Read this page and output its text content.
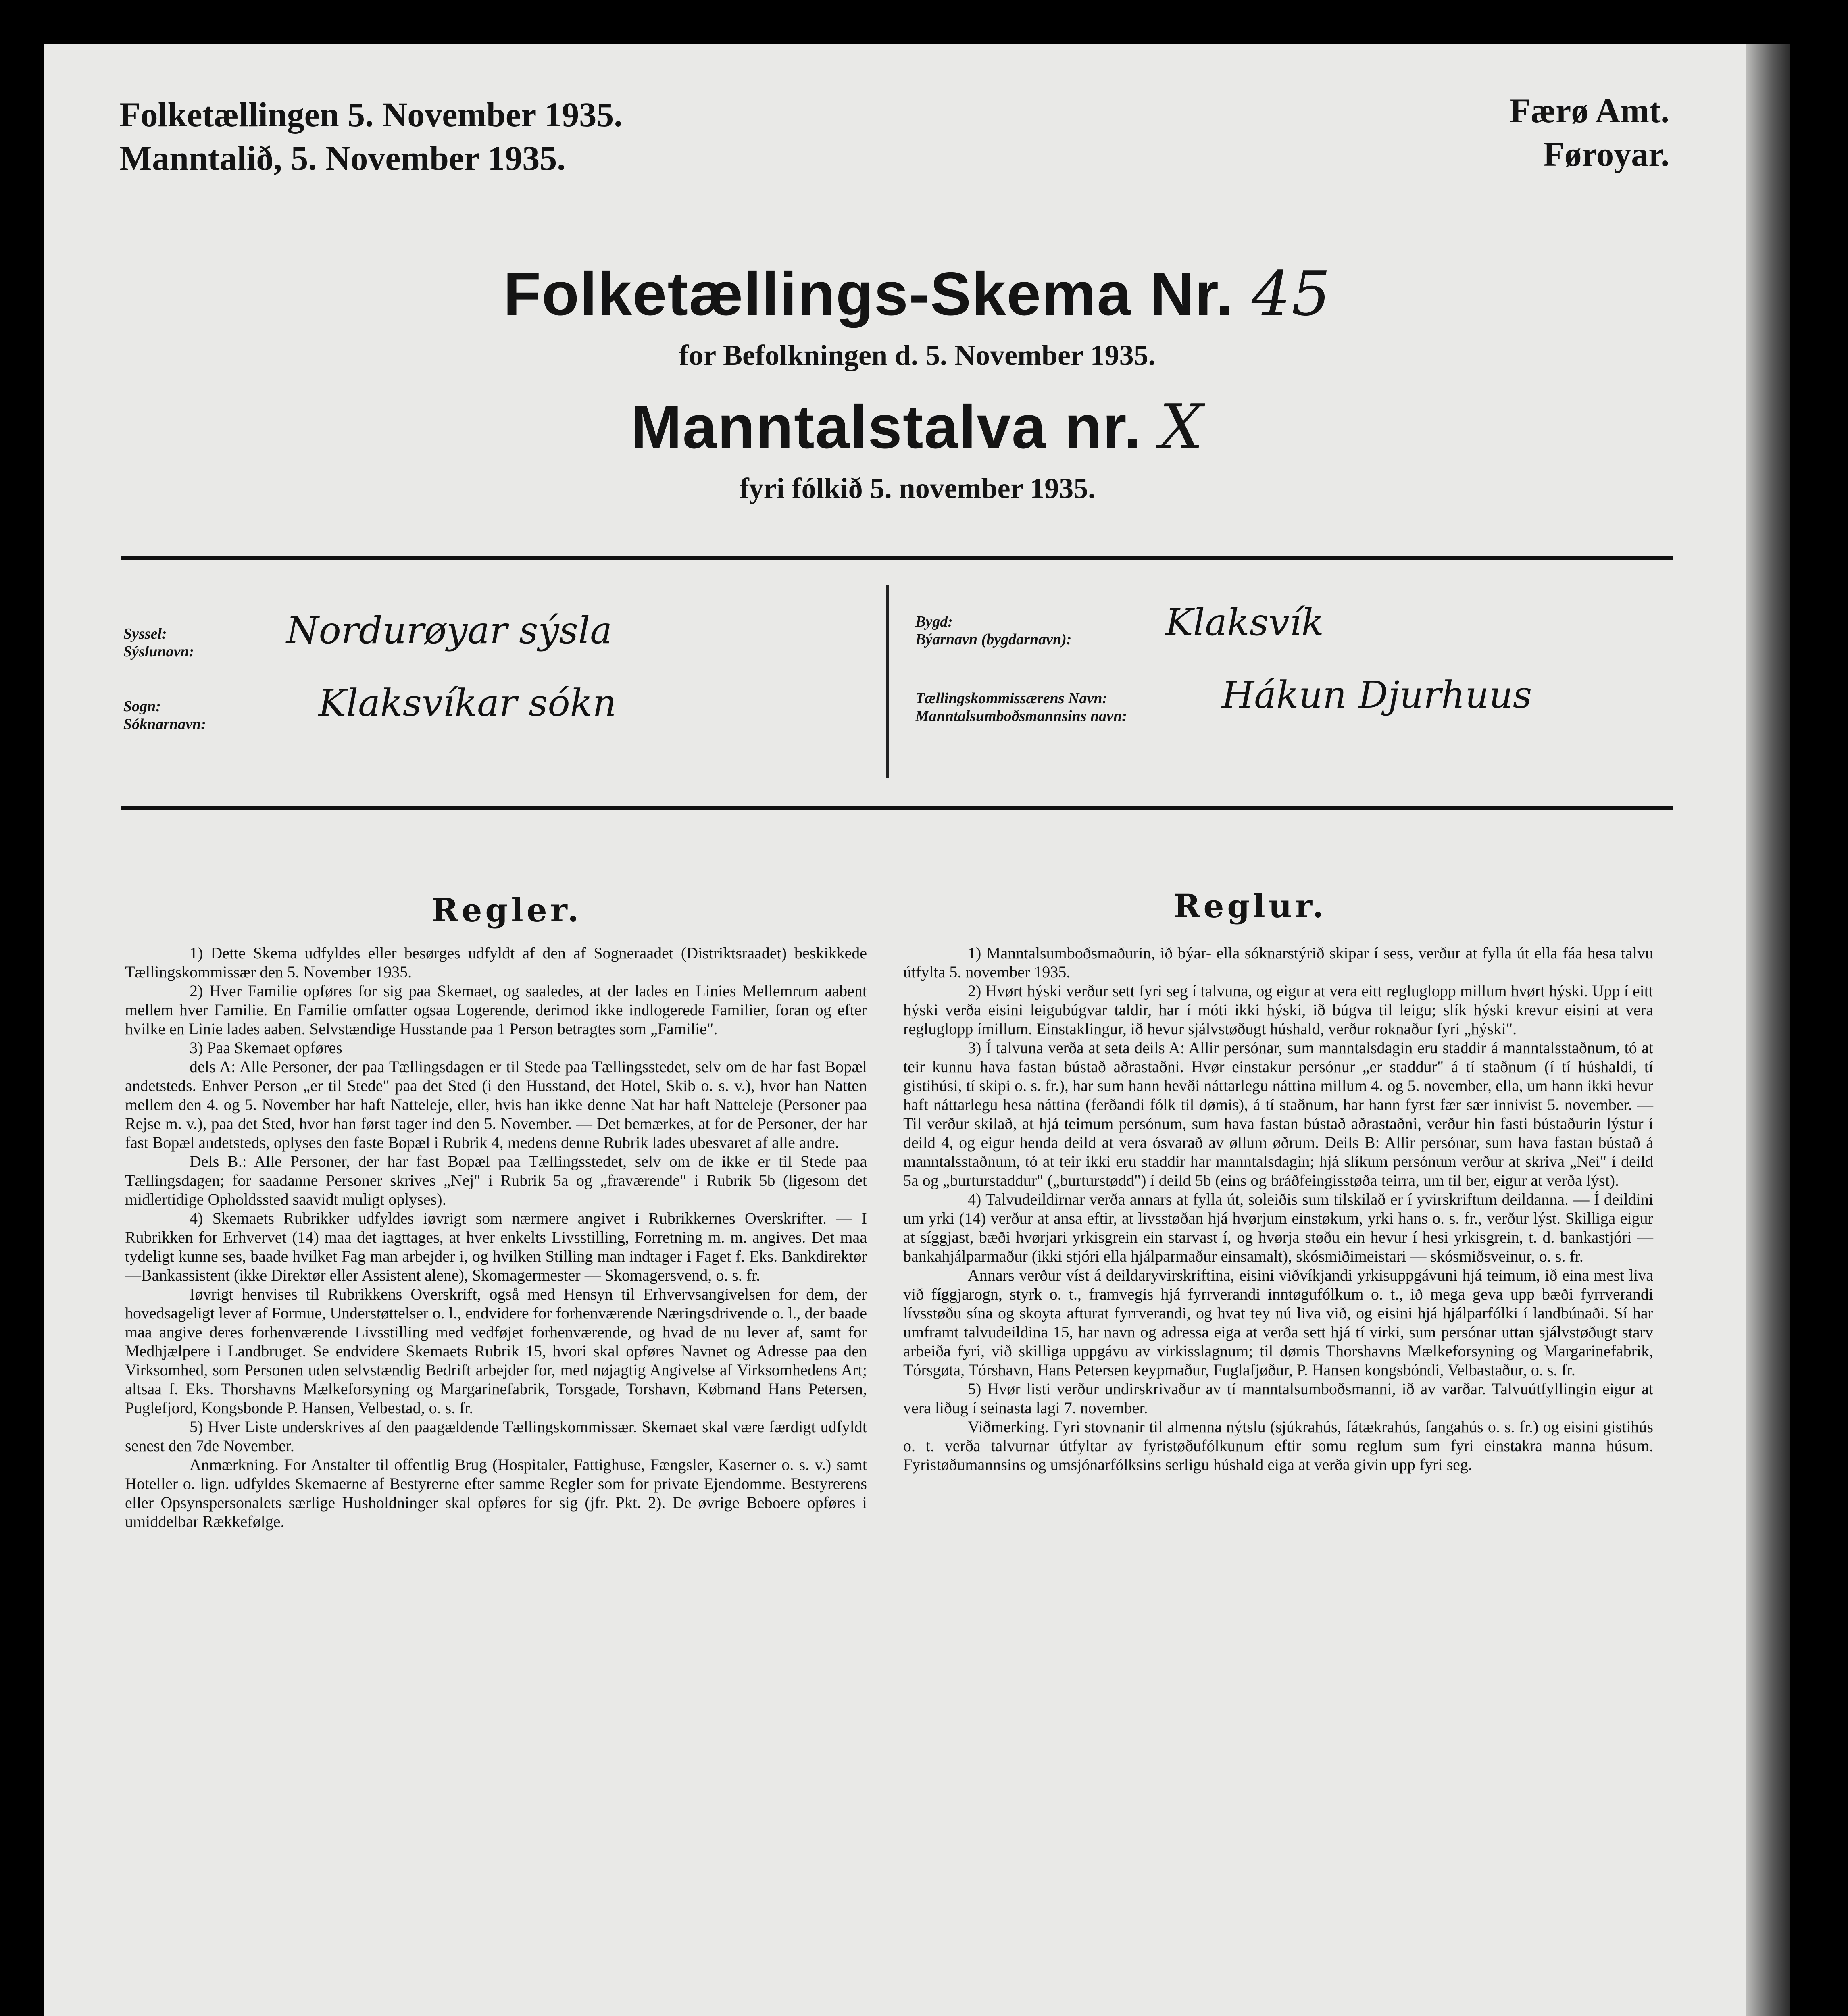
Folketællingen 5. November 1935.
Manntalið, 5. November 1935.
Færø Amt.
Føroyar.
Folketællings-Skema Nr. 45
for Befolkningen d. 5. November 1935.
Manntalstalva nr. X
fyri fólkið 5. november 1935.
Syssel:
Sýslunavn: Nordurøyar sýsla
Sogn:
Sóknarnavn:	Klaksvíkar sókn
Bygd:
Býarnavn (bygdarnavn):	Klaksvík
Tællingskommissærens Navn:
Manntalsumboðsmannsins navn:	Hákun Djurhuus
Regler.	Reglur.

1) Dette Skema udfyldes eller besørges udfyldt af den af Sogneraadet (Distriktsraadet) beskikkede Tællingskommissær den 5. November 1935.

2) Hver Familie opføres for sig paa Skemaet, og saaledes, at der lades en Linies Mellemrum aabent mellem hver Familie. En Familie omfatter ogsaa Logerende, derimod ikke indlogerede Familier, foran og efter hvilke en Linie lades aaben. Selvstændige Husstande paa 1 Person betragtes som „Familie".

3) Paa Skemaet opføres

dels A: Alle Personer, der paa Tællingsdagen er til Stede paa Tællingsstedet, selv om de har fast Bopæl andetsteds. Enhver Person „er til Stede" paa det Sted (i den Husstand, det Hotel, Skib o. s. v.), hvor han Natten mellem den 4. og 5. November har haft Natteleje, eller, hvis han ikke denne Nat har haft Natteleje (Personer paa Rejse m. v.), paa det Sted, hvor han først tager ind den 5. November. — Det bemærkes, at for de Personer, der har fast Bopæl andetsteds, oplyses den faste Bopæl i Rubrik 4, medens denne Rubrik lades ubesvaret af alle andre.

Dels B.: Alle Personer, der har fast Bopæl paa Tællingsstedet, selv om de ikke er til Stede paa Tællingsdagen; for saadanne Personer skrives „Nej" i Rubrik 5a og „fraværende" i Rubrik 5b (ligesom det midlertidige Opholdssted saavidt muligt oplyses).

4) Skemaets Rubrikker udfyldes iøvrigt som nærmere angivet i Rubrikkernes Overskrifter. — I Rubrikken for Erhvervet (14) maa det iagttages, at hver enkelts Livsstilling, Forretning m. m. angives. Det maa tydeligt kunne ses, baade hvilket Fag man arbejder i, og hvilken Stilling man indtager i Faget f. Eks. Bankdirektør—Bankassistent (ikke Direktør eller Assistent alene), Skomagermester — Skomagersvend, o. s. fr.

Iøvrigt henvises til Rubrikkens Overskrift, også med Hensyn til Erhvervsangivelsen for dem, der hovedsageligt lever af Formue, Understøttelser o. l., endvidere for forhenværende Næringsdrivende o. l., der baade maa angive deres forhenværende Livsstilling med vedføjet forhenværende, og hvad de nu lever af, samt for Medhjælpere i Landbruget. Se endvidere Skemaets Rubrik 15, hvori skal opføres Navnet og Adresse paa den Virksomhed, som Personen uden selvstændig Bedrift arbejder for, med nøjagtig Angivelse af Virksomhedens Art; altsaa f. Eks. Thorshavns Mælkeforsyning og Margarinefabrik, Torsgade, Torshavn, Købmand Hans Petersen, Puglefjord, Kongsbonde P. Hansen, Velbestad, o. s. fr.

5) Hver Liste underskrives af den paagældende Tællingskommissær. Skemaet skal være færdigt udfyldt senest den 7de November.

Anmærkning. For Anstalter til offentlig Brug (Hospitaler, Fattighuse, Fængsler, Kaserner o. s. v.) samt Hoteller o. lign. udfyldes Skemaerne af Bestyrerne efter samme Regler som for private Ejendomme. Bestyrerens eller Opsynspersonalets særlige Husholdninger skal opføres for sig (jfr. Pkt. 2). De øvrige Beboere opføres i umiddelbar Rækkefølge.

1) Manntalsumboðsmaðurin, ið býar- ella sóknarstýrið skipar í sess, verður at fylla út ella fáa hesa talvu útfylta 5. november 1935.

2) Hvørt hýski verður sett fyri seg í talvuna, og eigur at vera eitt regluglopp millum hvørt hýski. Upp í eitt hýski verða eisini leigubúgvar taldir, har í móti ikki hýski, ið búgva til leigu; slík hýski krevur eisini at vera regluglopp ímillum. Einstaklingur, ið hevur sjálvstøðugt húshald, verður roknaður fyri „hýski".

3) Í talvuna verða at seta deils A: Allir persónar, sum manntalsdagin eru staddir á manntalsstaðnum, tó at teir kunnu hava fastan bústað aðrastaðni. Hvør einstakur persónur „er staddur" á tí staðnum (í tí húshaldi, tí gistihúsi, tí skipi o. s. fr.), har sum hann hevði náttarlegu náttina millum 4. og 5. november, ella, um hann ikki hevur haft náttarlegu hesa náttina (ferðandi fólk til dømis), á tí staðnum, har hann fyrst fær sær innivist 5. november. — Til verður skilað, at hjá teimum persónum, sum hava fastan bústað aðrastaðni, verður hin fasti bústaðurin lýstur í deild 4, og eigur henda deild at vera ósvarað av øllum øðrum. Deils B: Allir persónar, sum hava fastan bústað á manntalsstaðnum, tó at teir ikki eru staddir har manntalsdagin; hjá slíkum persónum verður at skriva „Nei" í deild 5a og „burturstaddur" („burturstødd") í deild 5b (eins og bráðfeingisstøða teirra, um til ber, eigur at verða lýst).

4) Talvudeildirnar verða annars at fylla út, soleiðis sum tilskilað er í yvirskriftum deildanna. — Í deildini um yrki (14) verður at ansa eftir, at livsstøðan hjá hvørjum einstøkum, yrki hans o. s. fr., verður lýst. Skilliga eigur at síggjast, bæði hvørjari yrkisgrein ein starvast í, og hvørja støðu ein hevur í hesi yrkisgrein, t. d. bankastjóri — bankahjálparmaður (ikki stjóri ella hjálparmaður einsamalt), skósmiðimeistari — skósmiðsveinur, o. s. fr.

Annars verður víst á deildaryvirskriftina, eisini viðvíkjandi yrkisuppgávuni hjá teimum, ið eina mest liva við fíggjarogn, styrk o. t., framvegis hjá fyrrverandi inntøgufólkum o. t., ið mega geva upp bæði fyrrverandi lívsstøðu sína og skoyta afturat fyrrverandi, og hvat tey nú liva við, og eisini hjá hjálparfólki í landbúnaði. Sí har umframt talvudeildina 15, har navn og adressa eiga at verða sett hjá tí virki, sum persónar uttan sjálvstøðugt starv arbeiða fyri, við skilliga uppgávu av virkisslagnum; til dømis Thorshavns Mælkeforsyning og Margarinefabrik, Tórsgøta, Tórshavn, Hans Petersen keypmaður, Fuglafjøður, P. Hansen kongsbóndi, Velbastaður, o. s. fr.

5) Hvør listi verður undirskrivaður av tí manntalsumboðsmanni, ið av varðar. Talvuútfyllingin eigur at vera liðug í seinasta lagi 7. november.

Viðmerking. Fyri stovnanir til almenna nýtslu (sjúkrahús, fátækrahús, fangahús o. s. fr.) og eisini gistihús o. t. verða talvurnar útfyltar av fyristøðufólkunum eftir somu reglum sum fyri einstakra manna húsum. Fyristøðumannsins og umsjónarfólksins serligu húshald eiga at verða givin upp fyri seg.
